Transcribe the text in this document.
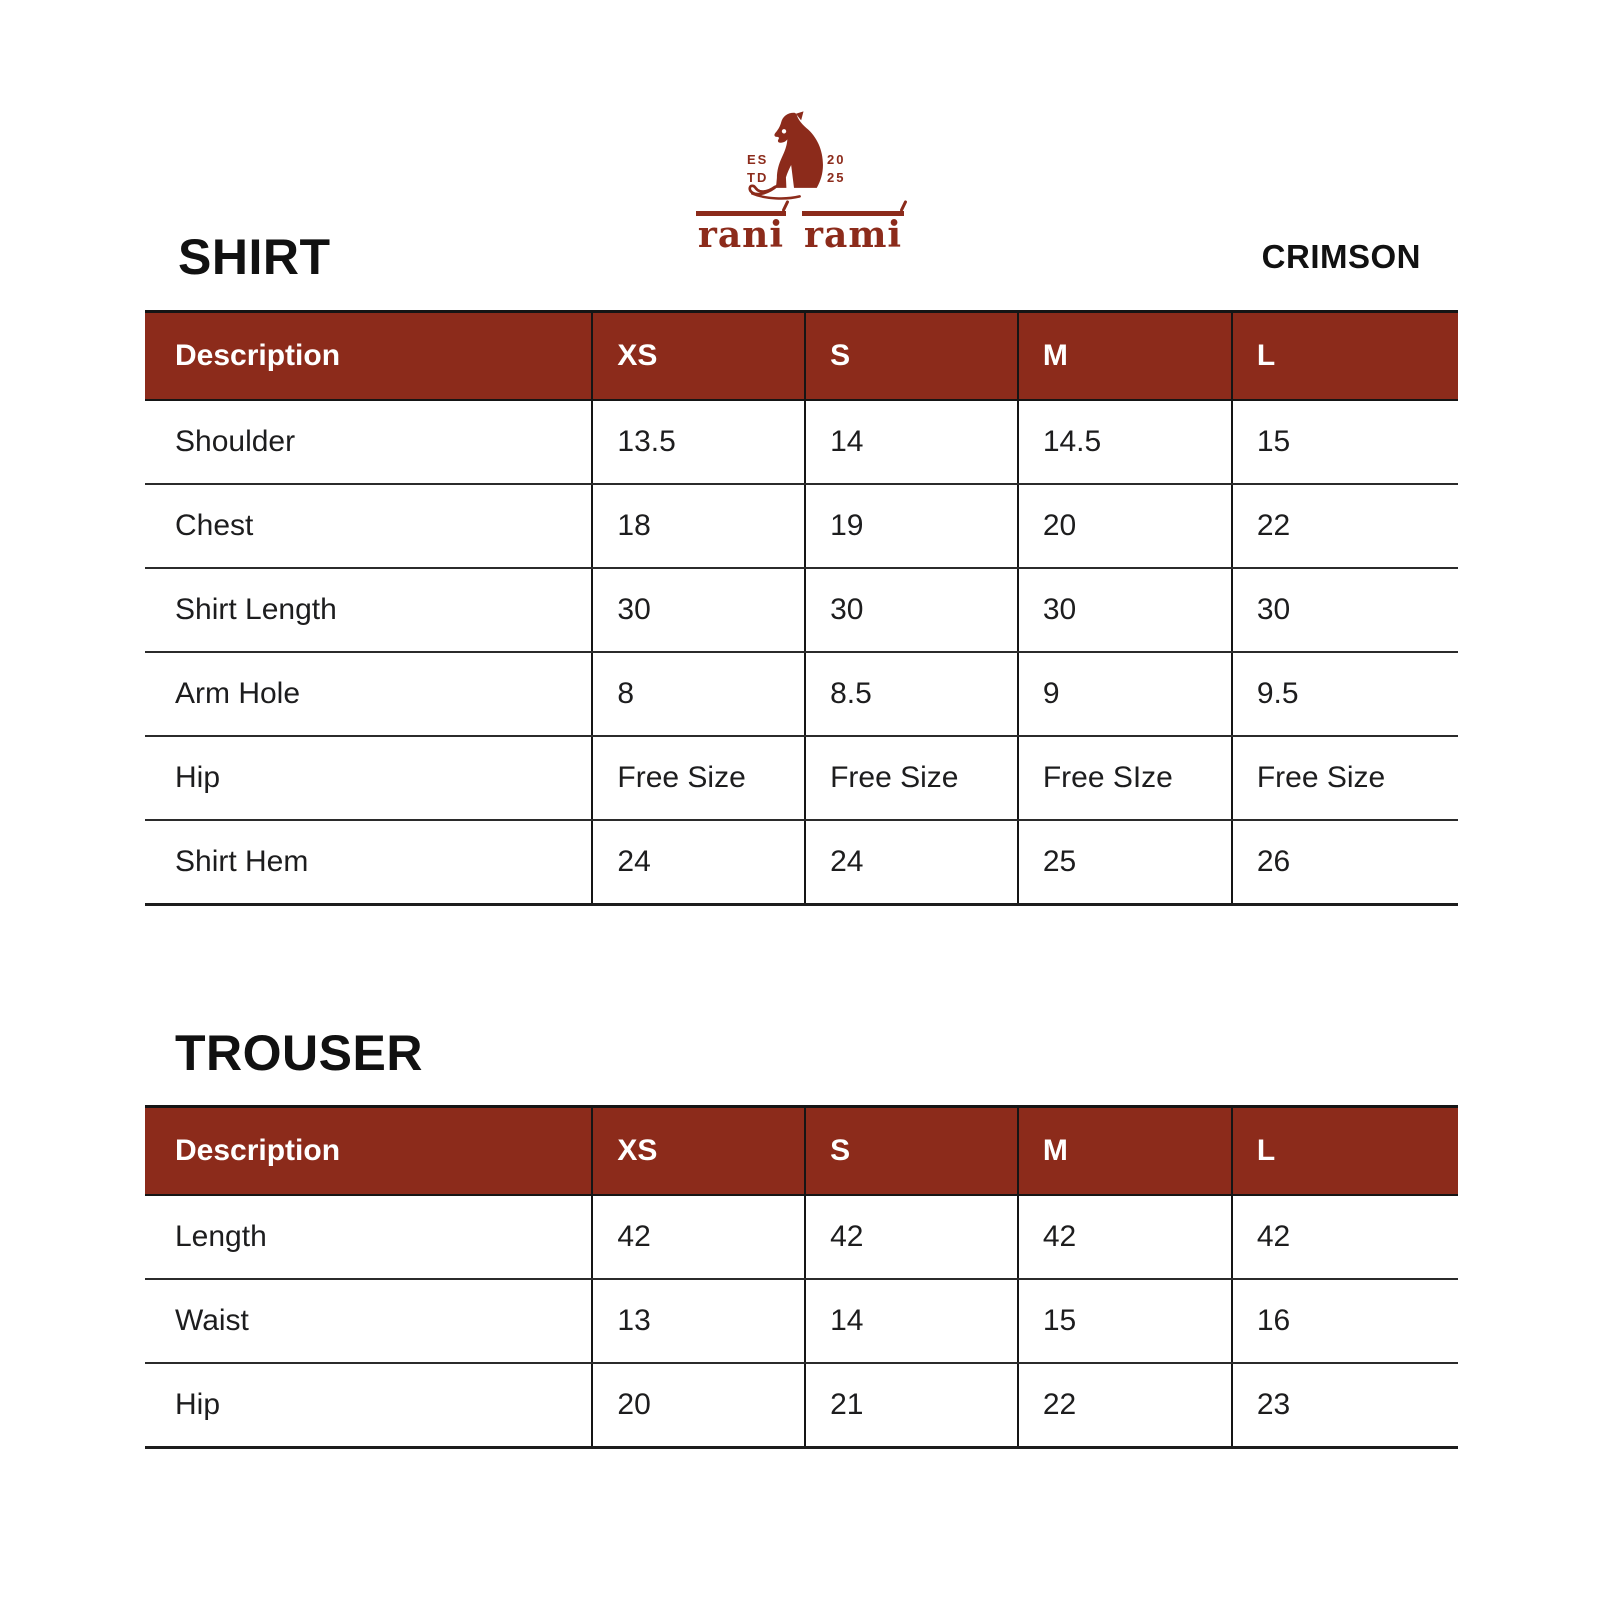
ES
TD
20
25
rani rami
SHIRT	CRIMSON
Description	XS	S	M	L
Shoulder	13.5	14	14.5	15
Chest	18	19	20	22
Shirt Length	30	30	30	30
Arm Hole	8	8.5	9	9.5
Hip	Free Size	Free Size	Free SIze	Free Size
Shirt Hem	24	24	25	26
TROUSER
Description	XS	S	M	L
Length	42	42	42	42
Waist	13	14	15	16
Hip	20	21	22	23
